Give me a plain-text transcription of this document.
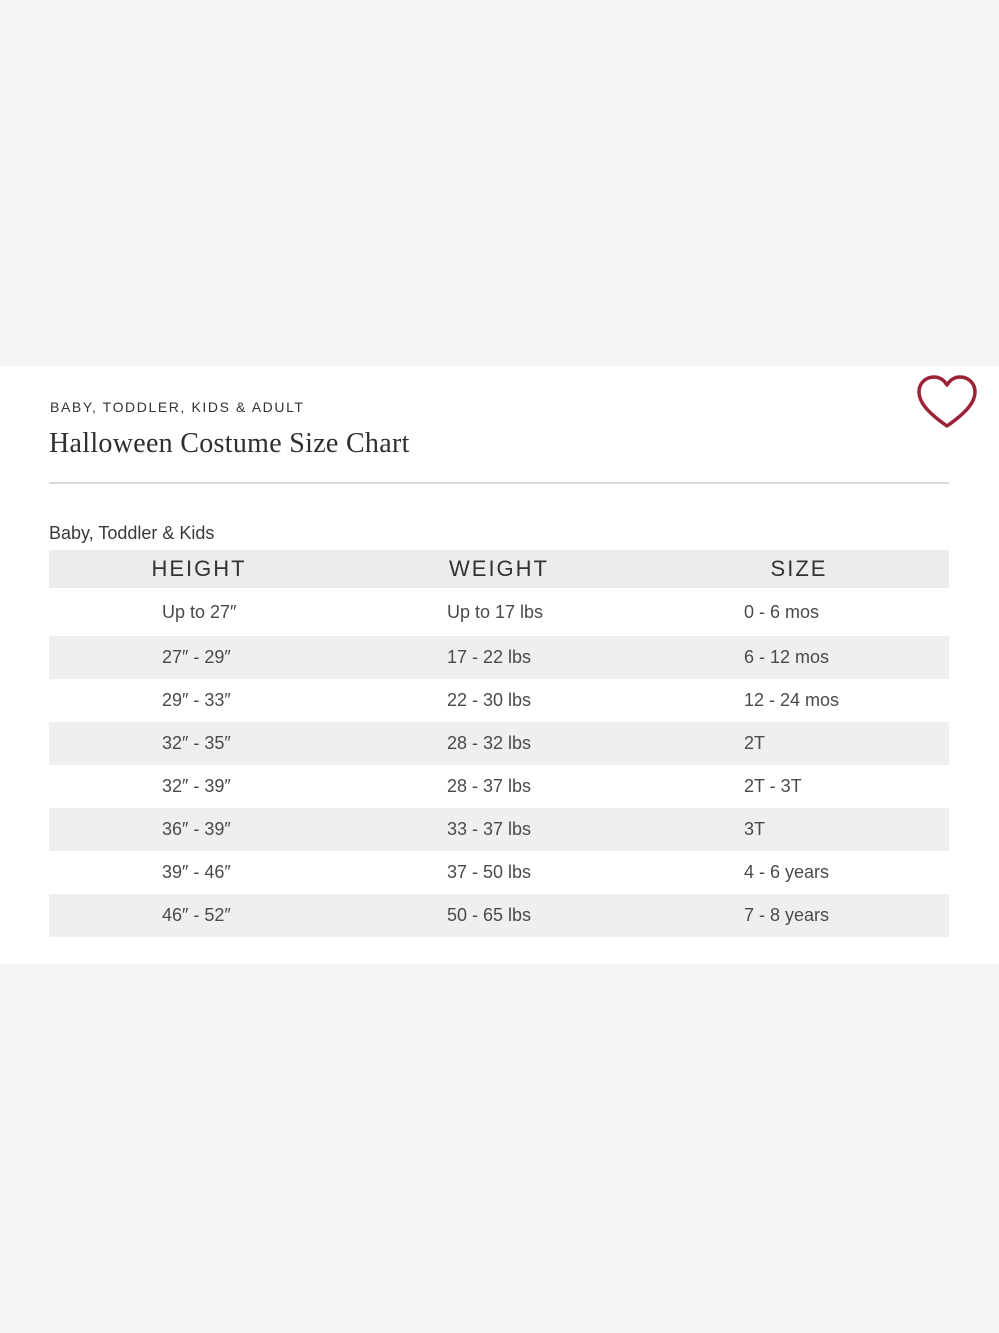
BABY, TODDLER, KIDS & ADULT
Halloween Costume Size Chart
Baby, Toddler & Kids
HEIGHT	WEIGHT	SIZE
Up to 27″	Up to 17 lbs	0 - 6 mos
27″ - 29″	17 - 22 lbs	6 - 12 mos
29″ - 33″	22 - 30 lbs	12 - 24 mos
32″ - 35″	28 - 32 lbs	2T
32″ - 39″	28 - 37 lbs	2T - 3T
36″ - 39″	33 - 37 lbs	3T
39″ - 46″	37 - 50 lbs	4 - 6 years
46″ - 52″	50 - 65 lbs	7 - 8 years
